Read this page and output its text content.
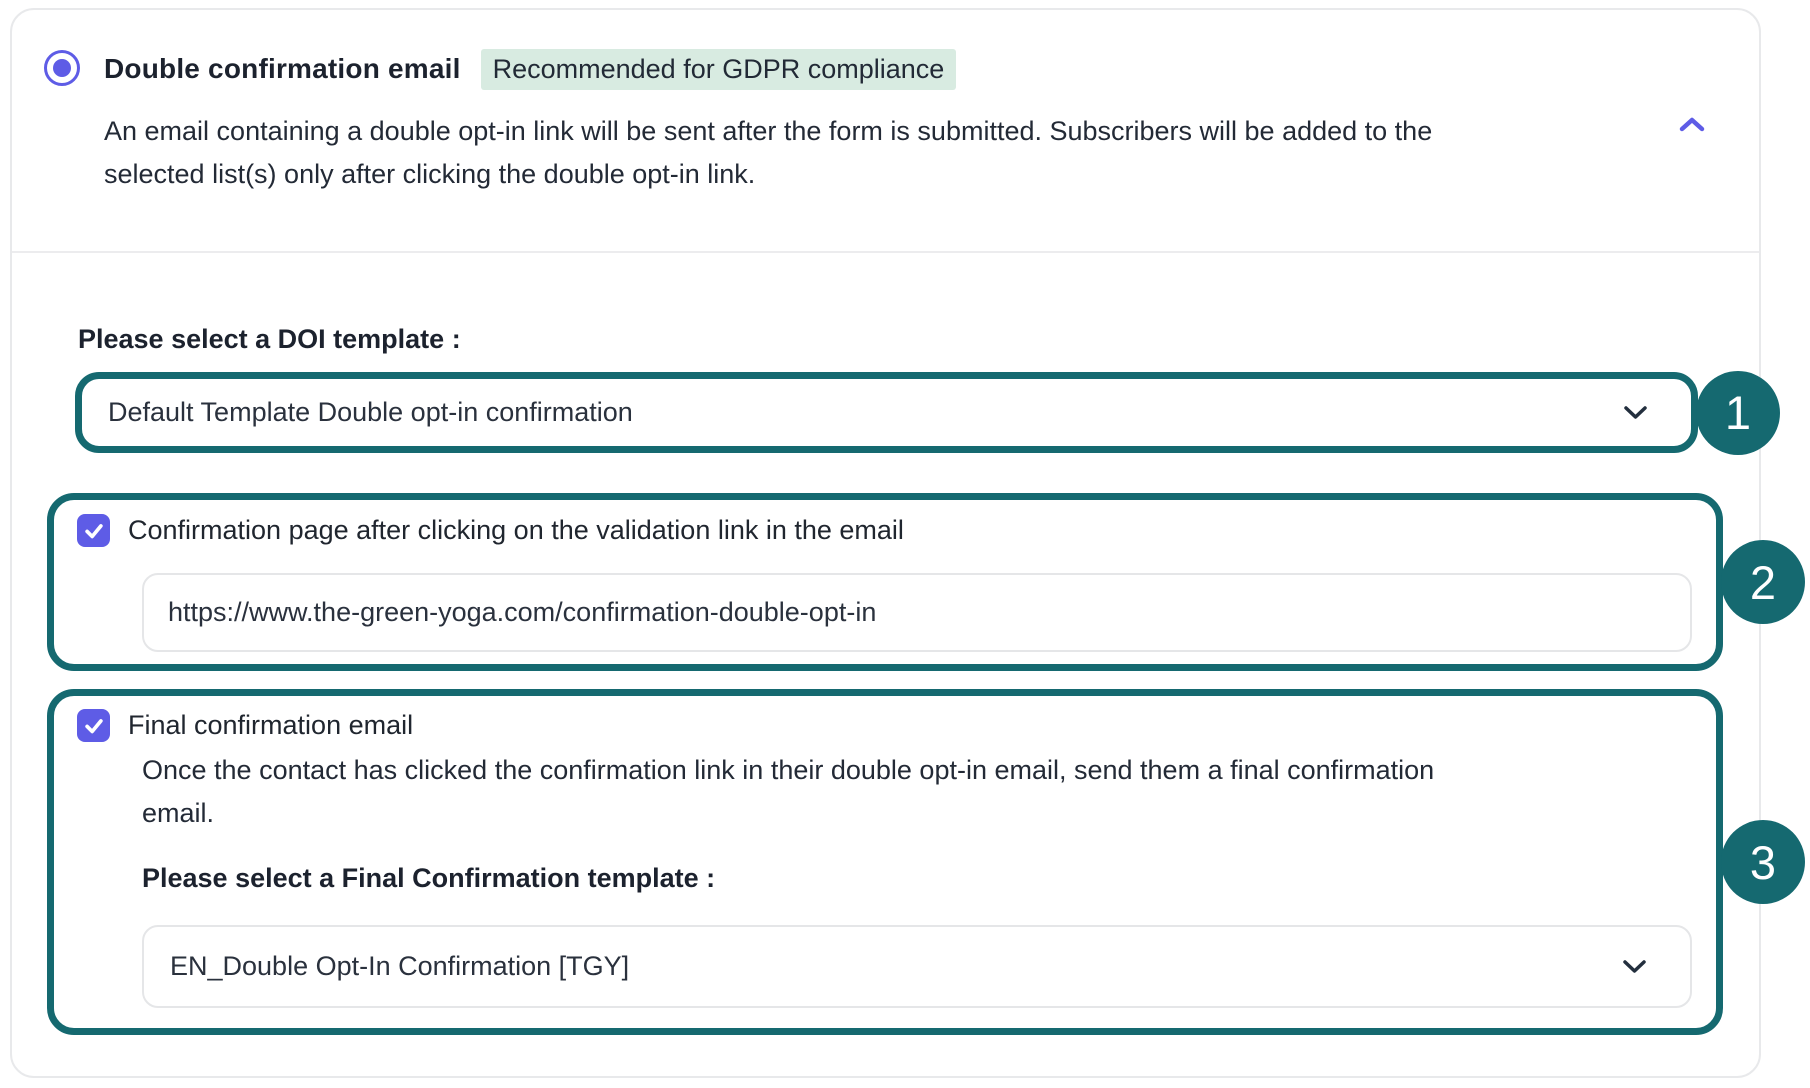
Double confirmation email	Recommended for GDPR compliance
An email containing a double opt-in link will be sent after the form is submitted. Subscribers will be added to the selected list(s) only after clicking the double opt-in link.
Please select a DOI template :
Default Template Double opt-in confirmation	1
Confirmation page after clicking on the validation link in the email
https://www.the-green-yoga.com/confirmation-double-opt-in
2
Final confirmation email
Once the contact has clicked the confirmation link in their double opt-in email, send them a final confirmation email.
Please select a Final Confirmation template :
EN_Double Opt-In Confirmation [TGY]
3
